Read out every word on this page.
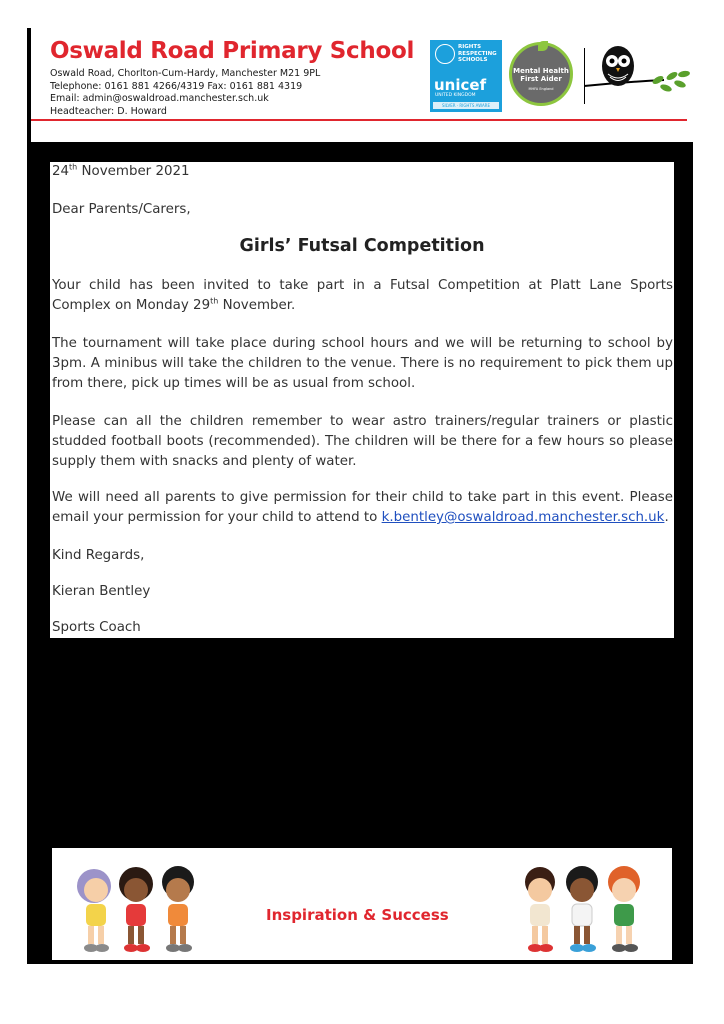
Oswald Road Primary School
Oswald Road, Chorlton-Cum-Hardy, Manchester M21 9PL
Telephone: 0161 881 4266/4319 Fax: 0161 881 4319
Email: admin@oswaldroad.manchester.sch.uk
Headteacher: D. Howard
RIGHTS
RESPECTING
SCHOOLS
unicef
UNITED KINGDOM
SILVER · RIGHTS AWARE
Mental Health
First Aider
MHFA England

24th November 2021

Dear Parents/Carers,

Girls’ Futsal Competition

Your child has been invited to take part in a Futsal Competition at Platt Lane Sports Complex on Monday 29th November.

The tournament will take place during school hours and we will be returning to school by 3pm. A minibus will take the children to the venue. There is no requirement to pick them up from there, pick up times will be as usual from school.

Please can all the children remember to wear astro trainers/regular trainers or plastic studded football boots (recommended). The children will be there for a few hours so please supply them with snacks and plenty of water.

We will need all parents to give permission for their child to take part in this event. Please email your permission for your child to attend to k.bentley@oswaldroad.manchester.sch.uk.

Kind Regards,

Kieran Bentley

Sports Coach

Inspiration & Success
